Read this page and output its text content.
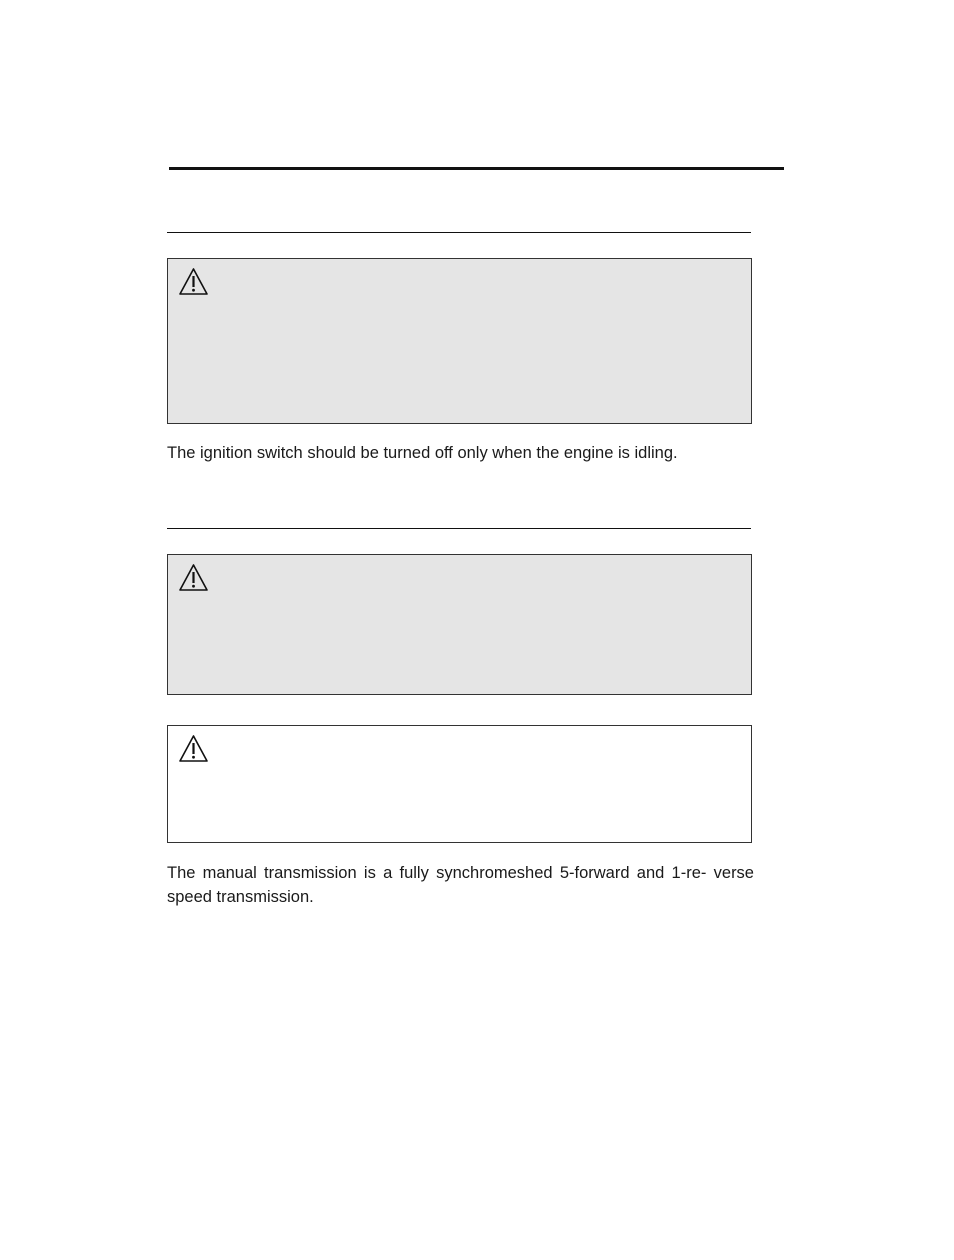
The ignition switch should be turned off only when the engine is idling.
The manual transmission is a fully synchromeshed 5-forward and 1-re- verse speed transmission.
